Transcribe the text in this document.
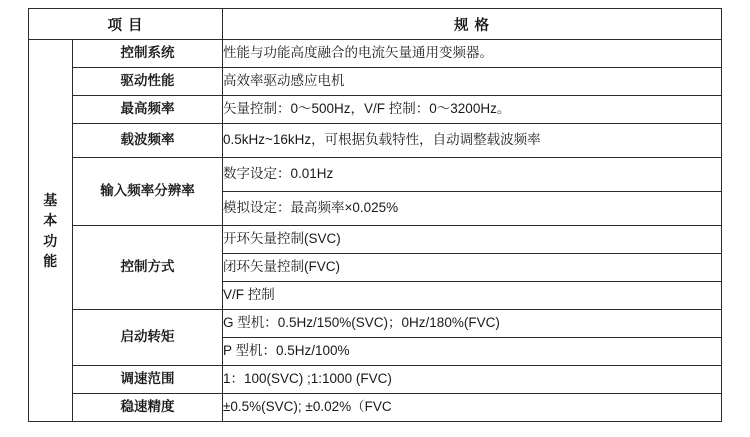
项 目		规 格

基
本
功
能	控制系统	性能与功能高度融合的电流矢量通用变频器。
	驱动性能	高效率驱动感应电机
	最高频率	矢量控制：0～500Hz，V/F 控制：0～3200Hz。
	载波频率	0.5kHz~16kHz，可根据负载特性，自动调整载波频率
	输入频率分辨率	数字设定：0.01Hz
		模拟设定：最高频率×0.025%
	控制方式	开环矢量控制(SVC)
		闭环矢量控制(FVC)
		V/F 控制
	启动转矩	G 型机：0.5Hz/150%(SVC)；0Hz/180%(FVC)
		P 型机：0.5Hz/100%
	调速范围	1：100(SVC) ;1:1000 (FVC)
	稳速精度	±0.5%(SVC); ±0.02%（FVC
